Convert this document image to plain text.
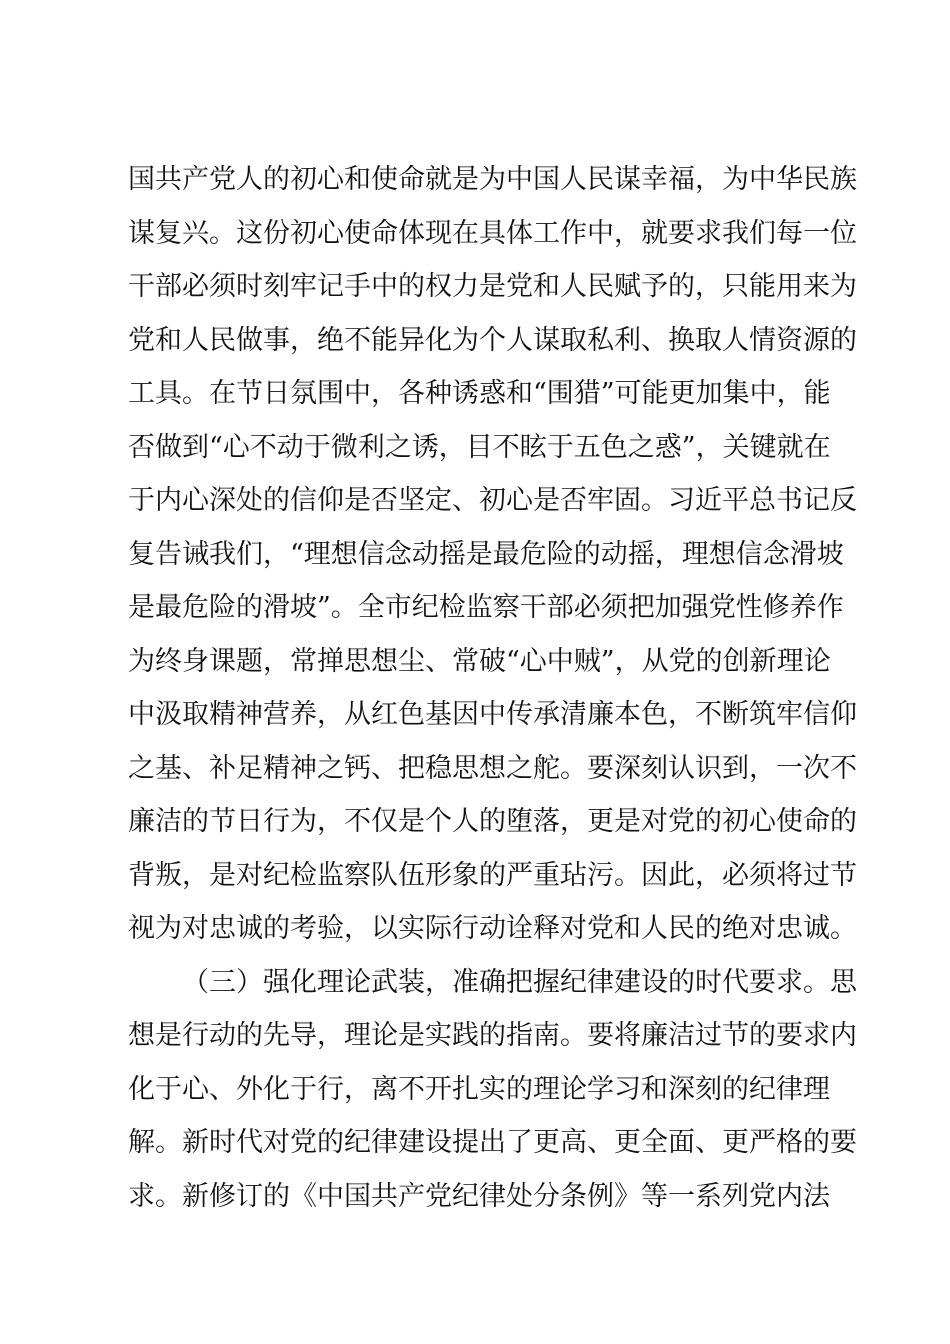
国共产党人的初心和使命就是为中国人民谋幸福，为中华民族
谋复兴。这份初心使命体现在具体工作中，就要求我们每一位
干部必须时刻牢记手中的权力是党和人民赋予的，只能用来为
党和人民做事，绝不能异化为个人谋取私利、换取人情资源的
工具。在节日氛围中，各种诱惑和“围猎”可能更加集中，能
否做到“心不动于微利之诱，目不眩于五色之惑”，关键就在
于内心深处的信仰是否坚定、初心是否牢固。习近平总书记反
复告诫我们，“理想信念动摇是最危险的动摇，理想信念滑坡
是最危险的滑坡”。全市纪检监察干部必须把加强党性修养作
为终身课题，常掸思想尘、常破“心中贼”，从党的创新理论
中汲取精神营养，从红色基因中传承清廉本色，不断筑牢信仰
之基、补足精神之钙、把稳思想之舵。要深刻认识到，一次不
廉洁的节日行为，不仅是个人的堕落，更是对党的初心使命的
背叛，是对纪检监察队伍形象的严重玷污。因此，必须将过节
视为对忠诚的考验，以实际行动诠释对党和人民的绝对忠诚。
（三）强化理论武装，准确把握纪律建设的时代要求。思
想是行动的先导，理论是实践的指南。要将廉洁过节的要求内
化于心、外化于行，离不开扎实的理论学习和深刻的纪律理
解。新时代对党的纪律建设提出了更高、更全面、更严格的要
求。新修订的《中国共产党纪律处分条例》等一系列党内法
